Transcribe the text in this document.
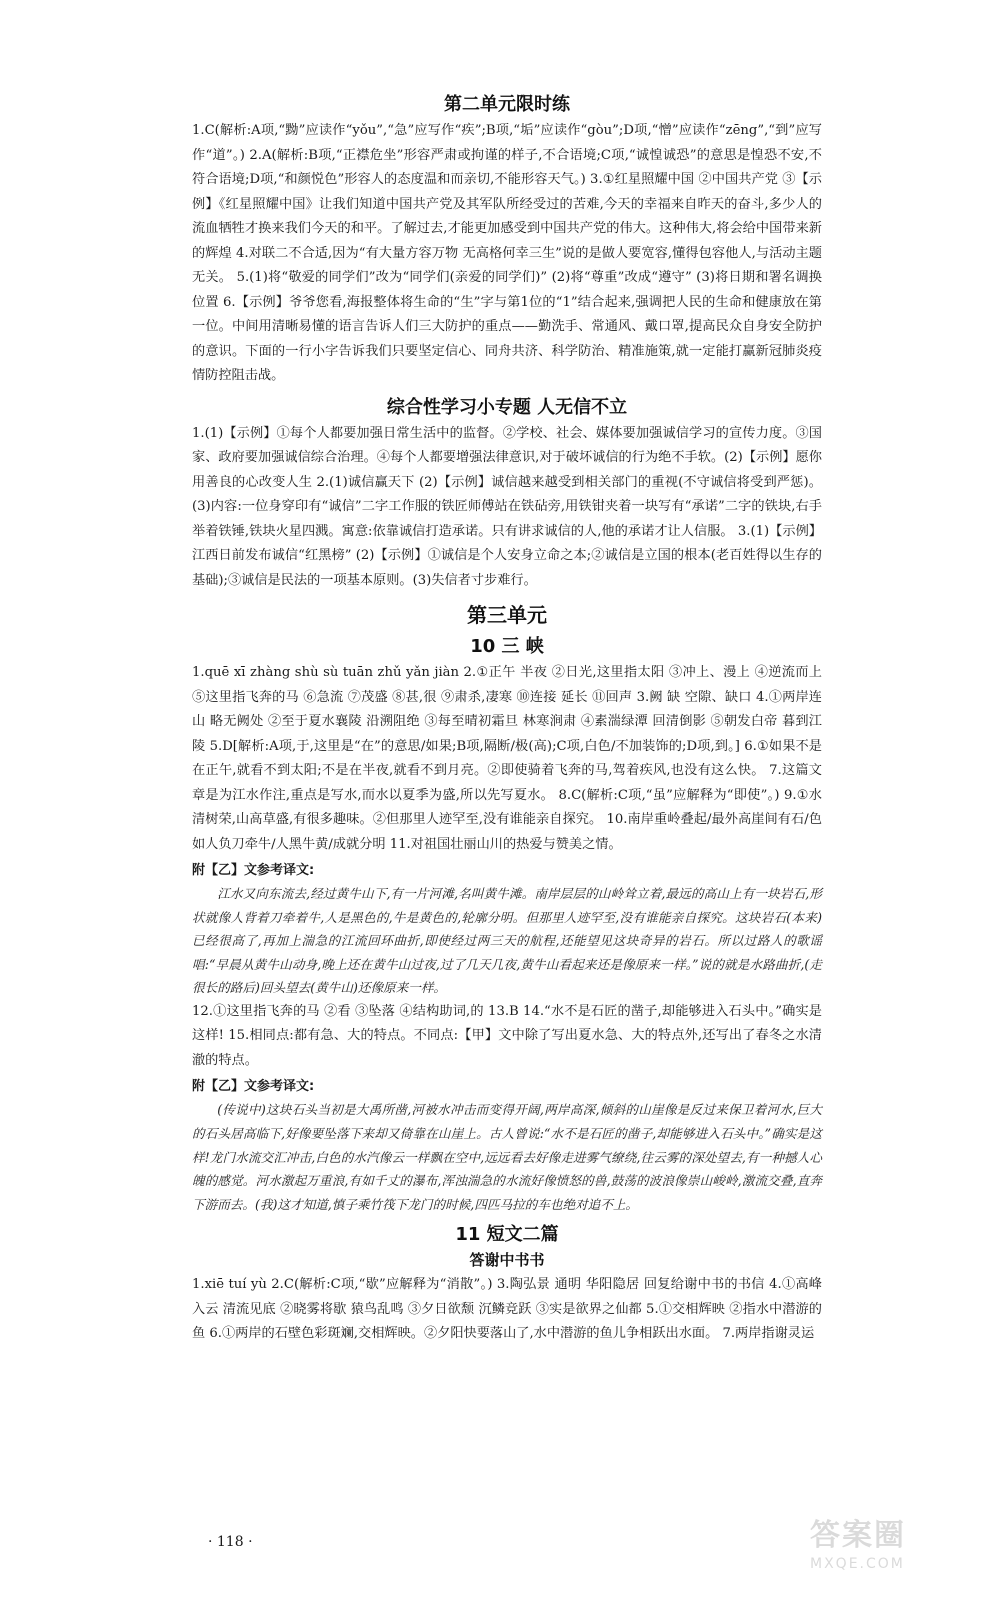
第二单元限时练

1.C(解析:A项,“黝”应读作“yǒu”,“急”应写作“疾”;B项,“垢”应读作“gòu”;D项,“憎”应读作“zēng”,“到”应写作“道”。) 2.A(解析:B项,“正襟危坐”形容严肃或拘谨的样子,不合语境;C项,“诚惶诚恐”的意思是惶恐不安,不符合语境;D项,“和颜悦色”形容人的态度温和而亲切,不能形容天气。) 3.①红星照耀中国 ②中国共产党 ③【示例】《红星照耀中国》让我们知道中国共产党及其军队所经受过的苦难,今天的幸福来自昨天的奋斗,多少人的流血牺牲才换来我们今天的和平。了解过去,才能更加感受到中国共产党的伟大。这种伟大,将会给中国带来新的辉煌 4.对联二不合适,因为“有大量方容万物 无高格何幸三生”说的是做人要宽容,懂得包容他人,与活动主题无关。 5.(1)将“敬爱的同学们”改为“同学们(亲爱的同学们)” (2)将“尊重”改成“遵守” (3)将日期和署名调换位置 6.【示例】爷爷您看,海报整体将生命的“生”字与第1位的“1”结合起来,强调把人民的生命和健康放在第一位。中间用清晰易懂的语言告诉人们三大防护的重点——勤洗手、常通风、戴口罩,提高民众自身安全防护的意识。下面的一行小字告诉我们只要坚定信心、同舟共济、科学防治、精准施策,就一定能打赢新冠肺炎疫情防控阻击战。

综合性学习小专题 人无信不立

1.(1)【示例】①每个人都要加强日常生活中的监督。②学校、社会、媒体要加强诚信学习的宣传力度。③国家、政府要加强诚信综合治理。④每个人都要增强法律意识,对于破坏诚信的行为绝不手软。(2)【示例】愿你用善良的心改变人生 2.(1)诚信赢天下 (2)【示例】诚信越来越受到相关部门的重视(不守诚信将受到严惩)。(3)内容:一位身穿印有“诚信”二字工作服的铁匠师傅站在铁砧旁,用铁钳夹着一块写有“承诺”二字的铁块,右手举着铁锤,铁块火星四溅。寓意:依靠诚信打造承诺。只有讲求诚信的人,他的承诺才让人信服。 3.(1)【示例】江西日前发布诚信“红黑榜” (2)【示例】①诚信是个人安身立命之本;②诚信是立国的根本(老百姓得以生存的基础);③诚信是民法的一项基本原则。(3)失信者寸步难行。

第三单元
10 三 峡

1.quē xī zhàng shù sù tuān zhǔ yǎn jiàn 2.①正午 半夜 ②日光,这里指太阳 ③冲上、漫上 ④逆流而上 ⑤这里指飞奔的马 ⑥急流 ⑦茂盛 ⑧甚,很 ⑨肃杀,凄寒 ⑩连接 延长 ⑪回声 3.阙 缺 空隙、缺口 4.①两岸连山 略无阙处 ②至于夏水襄陵 沿溯阻绝 ③每至晴初霜旦 林寒涧肃 ④素湍绿潭 回清倒影 ⑤朝发白帝 暮到江陵 5.D[解析:A项,于,这里是“在”的意思/如果;B项,隔断/极(高);C项,白色/不加装饰的;D项,到。] 6.①如果不是在正午,就看不到太阳;不是在半夜,就看不到月亮。②即使骑着飞奔的马,驾着疾风,也没有这么快。 7.这篇文章是为江水作注,重点是写水,而水以夏季为盛,所以先写夏水。 8.C(解析:C项,“虽”应解释为“即使”。) 9.①水清树荣,山高草盛,有很多趣味。②但那里人迹罕至,没有谁能亲自探究。 10.南岸重岭叠起/最外高崖间有石/色如人负刀牵牛/人黑牛黄/成就分明 11.对祖国壮丽山川的热爱与赞美之情。

附【乙】文参考译文:

江水又向东流去,经过黄牛山下,有一片河滩,名叫黄牛滩。南岸层层的山岭耸立着,最远的高山上有一块岩石,形状就像人背着刀牵着牛,人是黑色的,牛是黄色的,轮廓分明。但那里人迹罕至,没有谁能亲自探究。这块岩石(本来)已经很高了,再加上湍急的江流回环曲折,即使经过两三天的航程,还能望见这块奇异的岩石。所以过路人的歌谣唱:“早晨从黄牛山动身,晚上还在黄牛山过夜,过了几天几夜,黄牛山看起来还是像原来一样。”说的就是水路曲折,(走很长的路后)回头望去(黄牛山)还像原来一样。

12.①这里指飞奔的马 ②看 ③坠落 ④结构助词,的 13.B 14.“水不是石匠的凿子,却能够进入石头中。”确实是这样! 15.相同点:都有急、大的特点。不同点:【甲】文中除了写出夏水急、大的特点外,还写出了春冬之水清澈的特点。

附【乙】文参考译文:

(传说中)这块石头当初是大禹所凿,河被水冲击而变得开阔,两岸高深,倾斜的山崖像是反过来保卫着河水,巨大的石头居高临下,好像要坠落下来却又倚靠在山崖上。古人曾说:“水不是石匠的凿子,却能够进入石头中。”确实是这样!龙门水流交汇冲击,白色的水汽像云一样飘在空中,远远看去好像走进雾气缭绕,往云雾的深处望去,有一种撼人心魄的感觉。河水激起万重浪,有如千丈的瀑布,浑浊湍急的水流好像愤怒的兽,鼓荡的波浪像崇山峻岭,激流交叠,直奔下游而去。(我)这才知道,慎子乘竹筏下龙门的时候,四匹马拉的车也绝对追不上。

11 短文二篇
答谢中书书

1.xiē tuí yù 2.C(解析:C项,“歇”应解释为“消散”。) 3.陶弘景 通明 华阳隐居 回复给谢中书的书信 4.①高峰入云 清流见底 ②晓雾将歇 猿鸟乱鸣 ③夕日欲颓 沉鳞竞跃 ③实是欲界之仙都 5.①交相辉映 ②指水中潜游的鱼 6.①两岸的石壁色彩斑斓,交相辉映。②夕阳快要落山了,水中潜游的鱼儿争相跃出水面。 7.两岸指谢灵运

· 118 ·	答案圈
MXQE.COM
